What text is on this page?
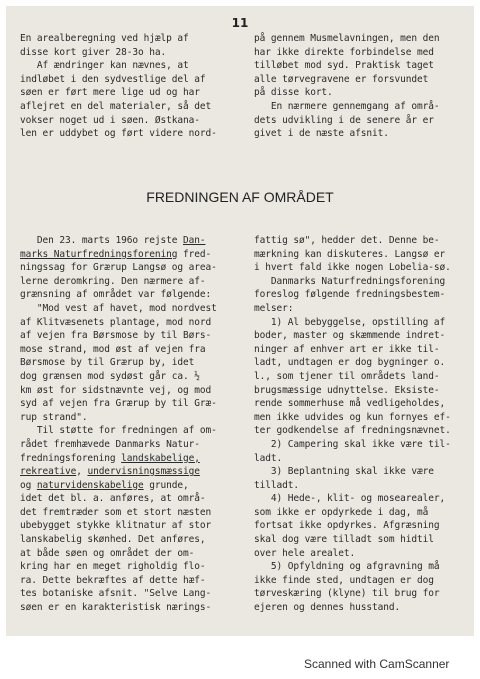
11

En arealberegning ved hjælp af

disse kort giver 28-3o ha.

Af ændringer kan nævnes, at

indløbet i den sydvestlige del af

søen er ført mere lige ud og har

aflejret en del materialer, så det

vokser noget ud i søen. Østkana-

len er uddybet og ført videre nord-

på gennem Musmelavningen, men den

har ikke direkte forbindelse med

tilløbet mod syd. Praktisk taget

alle tørvegravene er forsvundet

på disse kort.

En nærmere gennemgang af områ-

dets udvikling i de senere år er

givet i de næste afsnit.

FREDNINGEN AF OMRÅDET

Den 23. marts 196o rejste Dan-

marks Naturfredningsforening fred-

ningssag for Grærup Langsø og area-

lerne deromkring. Den nærmere af-

grænsning af området var følgende:

"Mod vest af havet, mod nordvest

af Klitvæsenets plantage, mod nord

af vejen fra Børsmose by til Børs-

mose strand, mod øst af vejen fra

Børsmose by til Grærup by, idet

dog grænsen mod sydøst går ca. ½

km øst for sidstnævnte vej, og mod

syd af vejen fra Grærup by til Græ-

rup strand".

Til støtte for fredningen af om-

rådet fremhævede Danmarks Natur-

fredningsforening landskabelige,

rekreative, undervisningsmæssige

og naturvidenskabelige grunde,

idet det bl. a. anføres, at områ-

det fremtræder som et stort næsten

ubebygget stykke klitnatur af stor

lanskabelig skønhed. Det anføres,

at både søen og området der om-

kring har en meget righoldig flo-

ra. Dette bekræftes af dette hæf-

tes botaniske afsnit. "Selve Lang-

søen er en karakteristisk nærings-

fattig sø", hedder det. Denne be-

mærkning kan diskuteres. Langsø er

i hvert fald ikke nogen Lobelia-sø.

Danmarks Naturfredningsforening

foreslog følgende fredningsbestem-

melser:

1) Al bebyggelse, opstilling af

boder, master og skæmmende indret-

ninger af enhver art er ikke til-

ladt, undtagen er dog bygninger o.

l., som tjener til områdets land-

brugsmæssige udnyttelse. Eksiste-

rende sommerhuse må vedligeholdes,

men ikke udvides og kun fornyes ef-

ter godkendelse af fredningsnævnet.

2) Campering skal ikke være til-

ladt.

3) Beplantning skal ikke være

tilladt.

4) Hede-, klit- og mosearealer,

som ikke er opdyrkede i dag, må

fortsat ikke opdyrkes. Afgræsning

skal dog være tilladt som hidtil

over hele arealet.

5) Opfyldning og afgravning må

ikke finde sted, undtagen er dog

tørveskæring (klyne) til brug for

ejeren og dennes husstand.

Scanned with CamScanner
